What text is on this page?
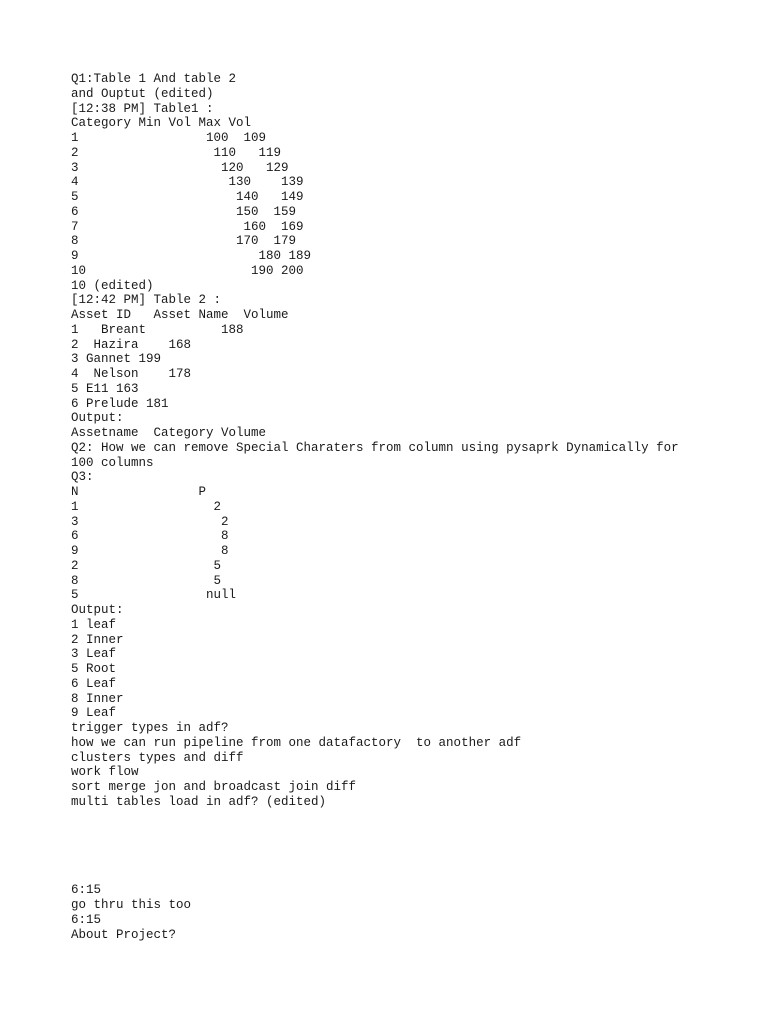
Q1:Table 1 And table 2
and Ouptut (edited)
[12:38 PM] Table1 :
Category Min Vol Max Vol
1                 100  109
2                  110   119
3                   120   129
4                    130    139
5                     140   149
6                     150  159
7                      160  169
8                     170  179
9                        180 189
10                      190 200
10 (edited)
[12:42 PM] Table 2 :
Asset ID   Asset Name  Volume
1   Breant          188
2  Hazira    168
3 Gannet 199
4  Nelson    178
5 E11 163
6 Prelude 181
Output:
Assetname  Category Volume
Q2: How we can remove Special Charaters from column using pysaprk Dynamically for
100 columns
Q3:
N                P
1                  2
3                   2
6                   8
9                   8
2                  5
8                  5
5                 null
Output:
1 leaf
2 Inner
3 Leaf
5 Root
6 Leaf
8 Inner
9 Leaf
trigger types in adf?
how we can run pipeline from one datafactory  to another adf
clusters types and diff
work flow
sort merge jon and broadcast join diff
multi tables load in adf? (edited)
6:15
go thru this too
6:15
About Project?
